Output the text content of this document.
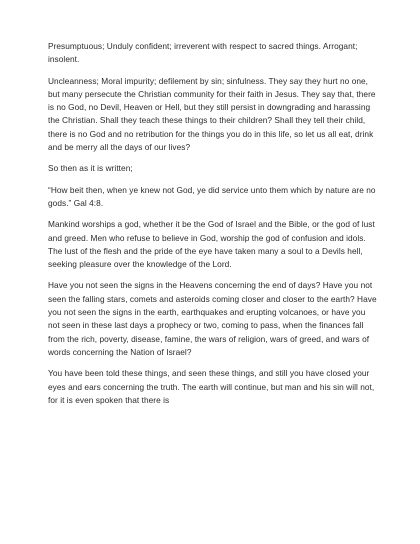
Presumptuous; Unduly confident; irreverent with respect to sacred things. Arrogant; insolent.

Uncleanness; Moral impurity; defilement by sin; sinfulness. They say they hurt no one, but many persecute the Christian community for their faith in Jesus. They say that, there is no God, no Devil, Heaven or Hell, but they still persist in downgrading and harassing the Christian. Shall they teach these things to their children? Shall they tell their child, there is no God and no retribution for the things you do in this life, so let us all eat, drink and be merry all the days of our lives?

So then as it is written;

“How beit then, when ye knew not God, ye did service unto them which by nature are no gods.” Gal 4:8.

Mankind worships a god, whether it be the God of Israel and the Bible, or the god of lust and greed. Men who refuse to believe in God, worship the god of confusion and idols. The lust of the flesh and the pride of the eye have taken many a soul to a Devils hell, seeking pleasure over the knowledge of the Lord.

Have you not seen the signs in the Heavens concerning the end of days? Have you not seen the falling stars, comets and asteroids coming closer and closer to the earth? Have you not seen the signs in the earth, earthquakes and erupting volcanoes, or have you not seen in these last days a prophecy or two, coming to pass, when the finances fall from the rich, poverty, disease, famine, the wars of religion, wars of greed, and wars of words concerning the Nation of Israel?

You have been told these things, and seen these things, and still you have closed your eyes and ears concerning the truth. The earth will continue, but man and his sin will not, for it is even spoken that there is
